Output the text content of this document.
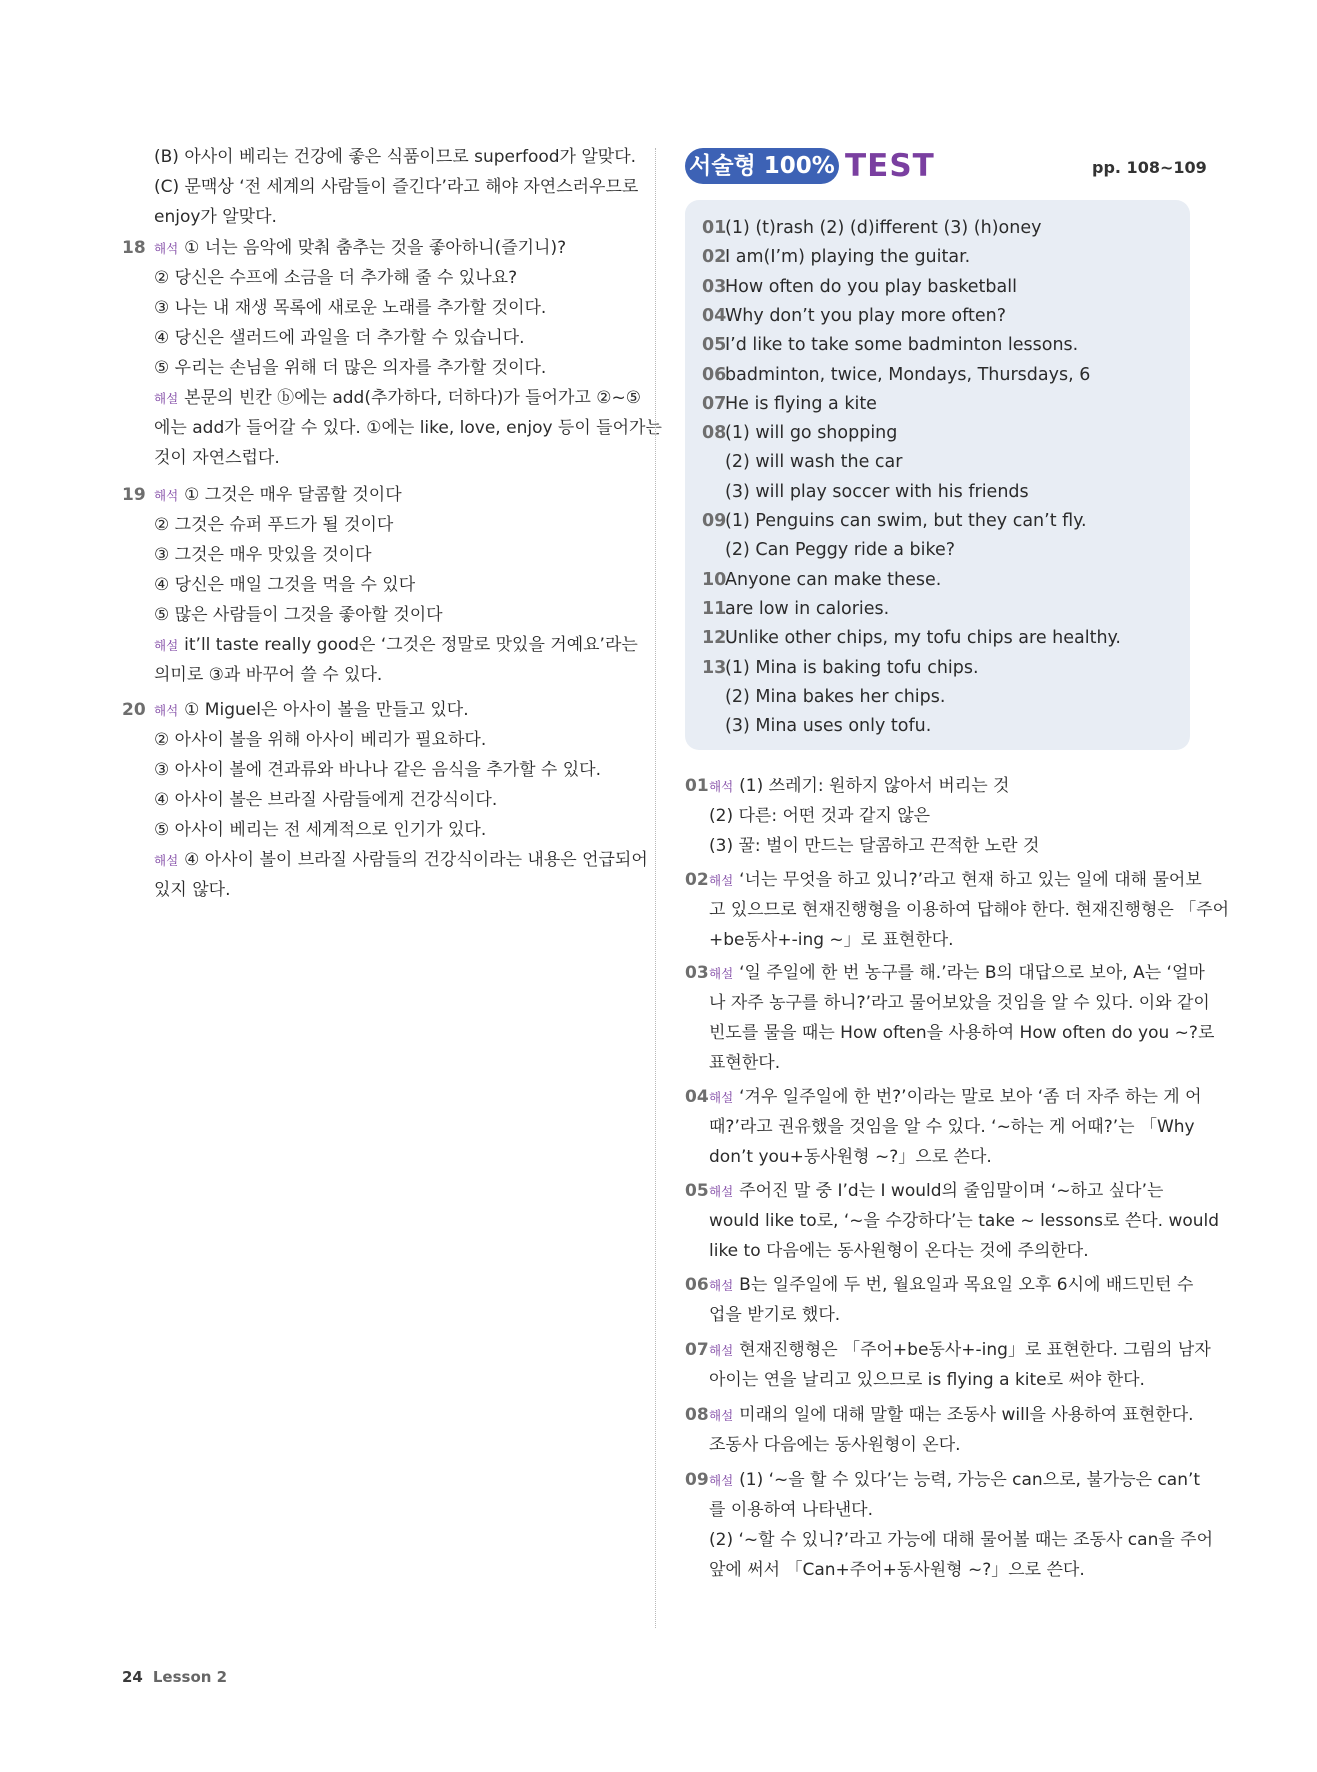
(B) 아사이 베리는 건강에 좋은 식품이므로 superfood가 알맞다.
(C) 문맥상 ‘전 세계의 사람들이 즐긴다’라고 해야 자연스러우므로
enjoy가 알맞다.
18 해석 ① 너는 음악에 맞춰 춤추는 것을 좋아하니(즐기니)?
② 당신은 수프에 소금을 더 추가해 줄 수 있나요?
③ 나는 내 재생 목록에 새로운 노래를 추가할 것이다.
④ 당신은 샐러드에 과일을 더 추가할 수 있습니다.
⑤ 우리는 손님을 위해 더 많은 의자를 추가할 것이다.
해설 본문의 빈칸 ⓑ에는 add(추가하다, 더하다)가 들어가고 ②~⑤
에는 add가 들어갈 수 있다. ①에는 like, love, enjoy 등이 들어가는
것이 자연스럽다.
19 해석 ① 그것은 매우 달콤할 것이다
② 그것은 슈퍼 푸드가 될 것이다
③ 그것은 매우 맛있을 것이다
④ 당신은 매일 그것을 먹을 수 있다
⑤ 많은 사람들이 그것을 좋아할 것이다
해설 it’ll taste really good은 ‘그것은 정말로 맛있을 거예요’라는
의미로 ③과 바꾸어 쓸 수 있다.
20 해석 ① Miguel은 아사이 볼을 만들고 있다.
② 아사이 볼을 위해 아사이 베리가 필요하다.
③ 아사이 볼에 견과류와 바나나 같은 음식을 추가할 수 있다.
④ 아사이 볼은 브라질 사람들에게 건강식이다.
⑤ 아사이 베리는 전 세계적으로 인기가 있다.
해설 ④ 아사이 볼이 브라질 사람들의 건강식이라는 내용은 언급되어
있지 않다.
서술형 100% TEST	pp. 108~109
01
(1) (t)rash (2) (d)ifferent (3) (h)oney
02
I am(I’m) playing the guitar.
03
How often do you play basketball
04
Why don’t you play more often?
05
I’d like to take some badminton lessons.
06
badminton, twice, Mondays, Thursdays, 6
07
He is flying a kite
08
(1) will go shopping
(2) will wash the car
(3) will play soccer with his friends
09
(1) Penguins can swim, but they can’t fly.
(2) Can Peggy ride a bike?
10
Anyone can make these.
11
are low in calories.
12
Unlike other chips, my tofu chips are healthy.
13
(1) Mina is baking tofu chips.
(2) Mina bakes her chips.
(3) Mina uses only tofu.
01 해석 (1) 쓰레기: 원하지 않아서 버리는 것
(2) 다른: 어떤 것과 같지 않은
(3) 꿀: 벌이 만드는 달콤하고 끈적한 노란 것
02 해설 ‘너는 무엇을 하고 있니?’라고 현재 하고 있는 일에 대해 물어보
고 있으므로 현재진행형을 이용하여 답해야 한다. 현재진행형은 「주어
+be동사+-ing ~」로 표현한다.
03 해설 ‘일 주일에 한 번 농구를 해.’라는 B의 대답으로 보아, A는 ‘얼마
나 자주 농구를 하니?’라고 물어보았을 것임을 알 수 있다. 이와 같이
빈도를 물을 때는 How often을 사용하여 How often do you ~?로
표현한다.
04 해설 ‘겨우 일주일에 한 번?’이라는 말로 보아 ‘좀 더 자주 하는 게 어
때?’라고 권유했을 것임을 알 수 있다. ‘~하는 게 어때?’는 「Why
don’t you+동사원형 ~?」으로 쓴다.
05 해설 주어진 말 중 I’d는 I would의 줄임말이며 ‘~하고 싶다’는
would like to로, ‘~을 수강하다’는 take ~ lessons로 쓴다. would
like to 다음에는 동사원형이 온다는 것에 주의한다.
06 해설 B는 일주일에 두 번, 월요일과 목요일 오후 6시에 배드민턴 수
업을 받기로 했다.
07 해설 현재진행형은 「주어+be동사+-ing」로 표현한다. 그림의 남자
아이는 연을 날리고 있으므로 is flying a kite로 써야 한다.
08 해설 미래의 일에 대해 말할 때는 조동사 will을 사용하여 표현한다.
조동사 다음에는 동사원형이 온다.
09 해설 (1) ‘~을 할 수 있다’는 능력, 가능은 can으로, 불가능은 can’t
를 이용하여 나타낸다.
(2) ‘~할 수 있니?’라고 가능에 대해 물어볼 때는 조동사 can을 주어
앞에 써서 「Can+주어+동사원형 ~?」으로 쓴다.
24 Lesson 2
